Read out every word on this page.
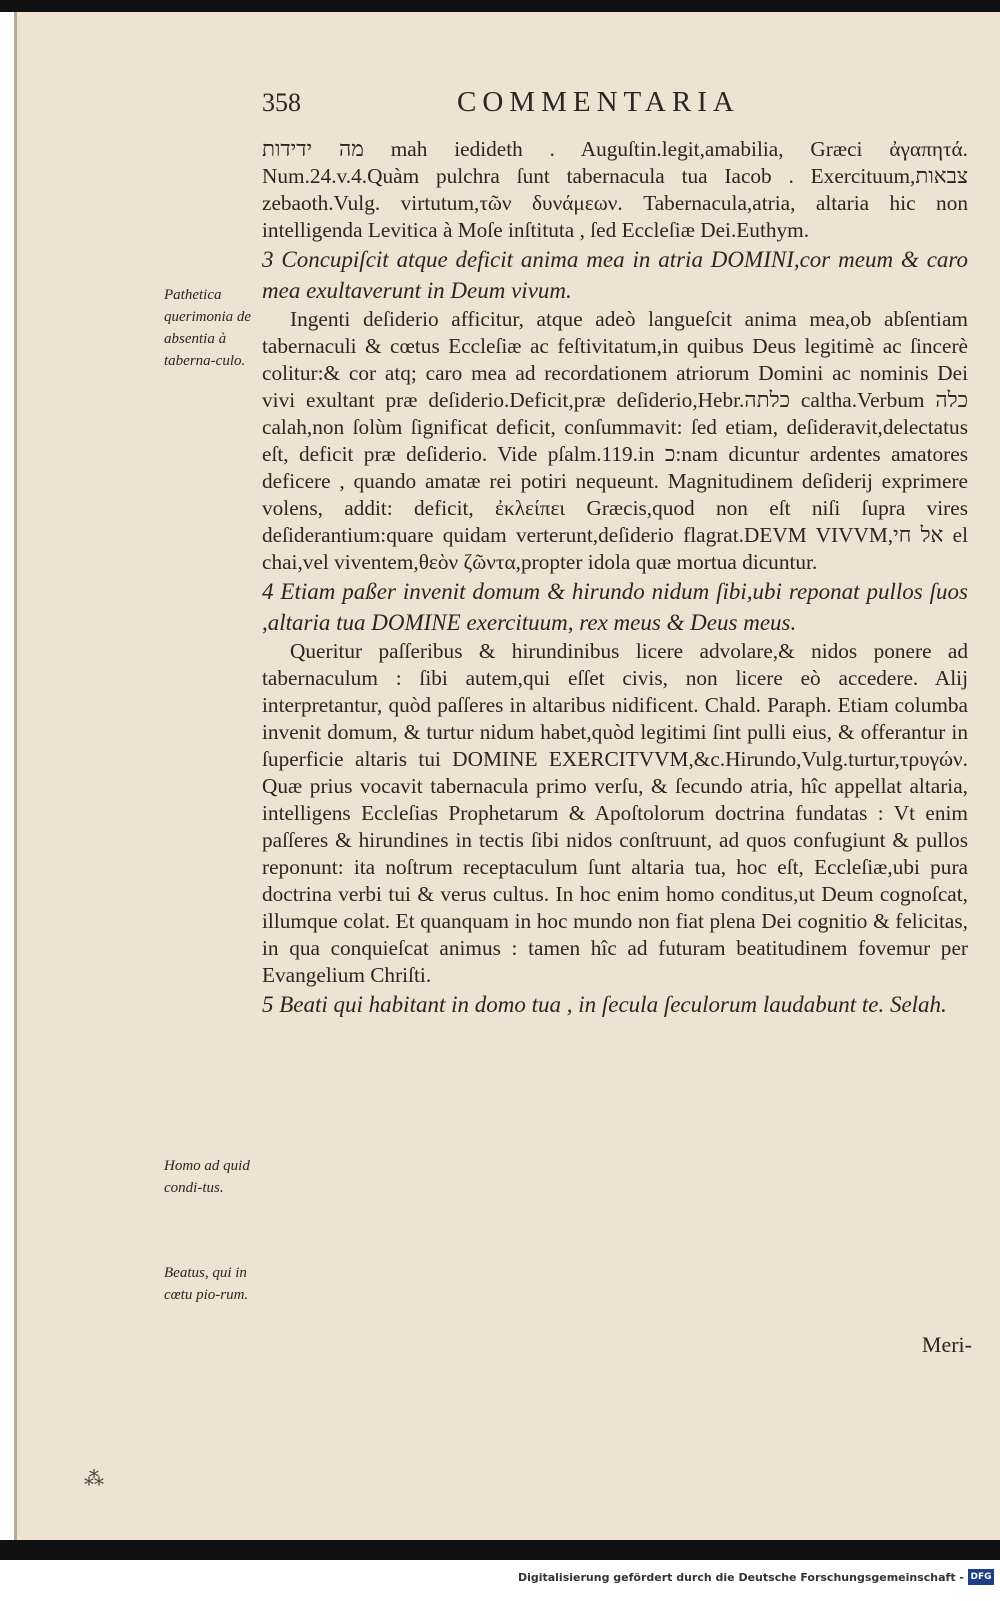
358	COMMENTARIA
Pathetica querimonia de absentia à taberna-culo.
Homo ad quid condi-tus.
Beatus, qui in cœtu pio-rum.

מה ידידות mah iedideth . Auguſtin.legit,amabilia, Græci ἀγαπητά. Num.24.v.4.Quàm pulchra ſunt tabernacula tua Iacob . Exercituum,צבאות zebaoth.Vulg. virtutum,τῶν δυνάμεων. Tabernacula,atria, altaria hic non intelligenda Levitica à Moſe inſtituta , ſed Eccleſiæ Dei.Euthym.

3 Concupiſcit atque deficit anima mea in atria DOMINI,cor meum & caro mea exultaverunt in Deum vivum.

Ingenti deſiderio afficitur, atque adeò langueſcit anima mea,ob abſentiam tabernaculi & cœtus Eccleſiæ ac feſtivitatum,in quibus Deus legitimè ac ſincerè colitur:& cor atq; caro mea ad recordationem atriorum Domini ac nominis Dei vivi exultant præ deſiderio.Deficit,præ deſiderio,Hebr.כלתה caltha.Verbum כלה calah,non ſolùm ſignificat deficit, conſummavit: ſed etiam, deſideravit,delectatus eſt, deficit præ deſiderio. Vide pſalm.119.in כ:nam dicuntur ardentes amatores deficere , quando amatæ rei potiri nequeunt. Magnitudinem deſiderij exprimere volens, addit: deficit, ἐκλείπει Græcis,quod non eſt niſi ſupra vires deſiderantium:quare quidam verterunt,deſiderio flagrat.DEVM VIVVM,אל חי el chai,vel viventem,θεὸν ζῶντα,propter idola quæ mortua dicuntur.

4 Etiam paßer invenit domum & hirundo nidum ſibi,ubi reponat pullos ſuos ,altaria tua DOMINE exercituum, rex meus & Deus meus.

Queritur paſſeribus & hirundinibus licere advolare,& nidos ponere ad tabernaculum : ſibi autem,qui eſſet civis, non licere eò accedere. Alij interpretantur, quòd paſſeres in altaribus nidificent. Chald. Paraph. Etiam columba invenit domum, & turtur nidum habet,quòd legitimi ſint pulli eius, & offerantur in ſuperficie altaris tui DOMINE EXERCITVVM,&c.Hirundo,Vulg.turtur,τρυγών. Quæ prius vocavit tabernacula primo verſu, & ſecundo atria, hîc appellat altaria, intelligens Eccleſias Prophetarum & Apoſtolorum doctrina fundatas : Vt enim paſſeres & hirundines in tectis ſibi nidos conſtruunt, ad quos confugiunt & pullos reponunt: ita noſtrum receptaculum ſunt altaria tua, hoc eſt, Eccleſiæ,ubi pura doctrina verbi tui & verus cultus. In hoc enim homo conditus,ut Deum cognoſcat, illumque colat. Et quanquam in hoc mundo non fiat plena Dei cognitio & felicitas, in qua conquieſcat animus : tamen hîc ad futuram beatitudinem fovemur per Evangelium Chriſti.

5 Beati qui habitant in domo tua , in ſecula ſeculorum laudabunt te. Selah.

Meri-
⁂
Digitalisierung gefördert durch die Deutsche Forschungsgemeinschaft - DFG
